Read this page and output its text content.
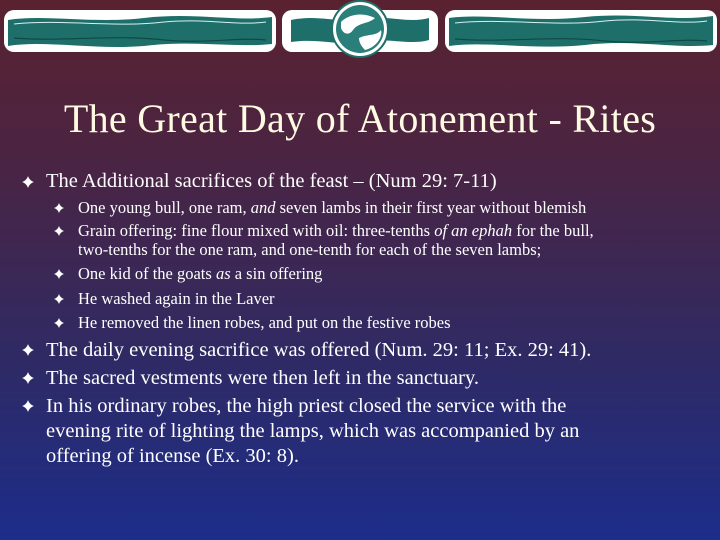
The Great Day of Atonement - Rites
The Additional sacrifices of the feast – (Num 29: 7-11)
One young bull, one ram, and seven lambs in their first year without blemish
Grain offering: fine flour mixed with oil: three-tenths of an ephah for the bull,
two-tenths for the one ram, and one-tenth for each of the seven lambs;
One kid of the goats as a sin offering
He washed again in the Laver
He removed the linen robes, and put on the festive robes
The daily evening sacrifice was offered (Num. 29: 11; Ex. 29: 41).
The sacred vestments were then left in the sanctuary.
In his ordinary robes, the high priest closed the service with the
evening rite of lighting the lamps, which was accompanied by an
offering of incense (Ex. 30: 8).
